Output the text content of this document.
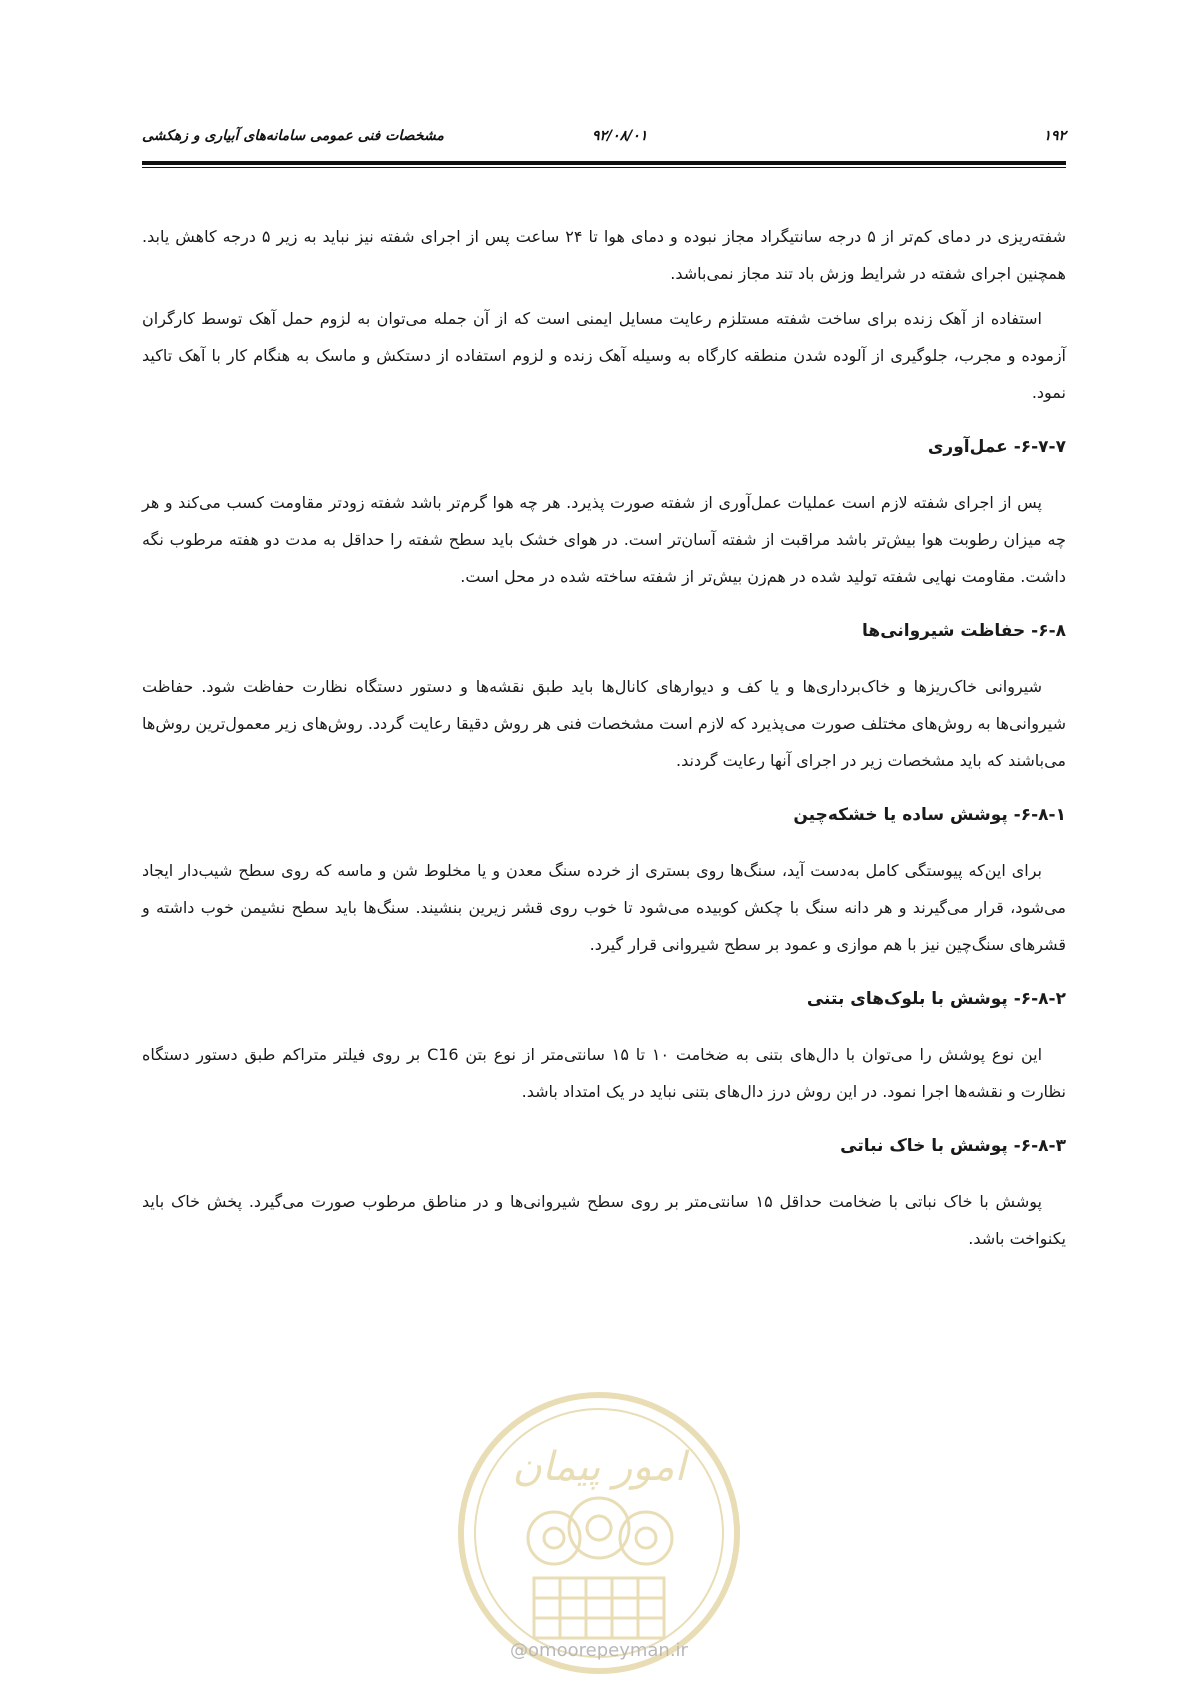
۱۹۲
۹۲/۰۸/۰۱
مشخصات فنی عمومی سامانه‌های آبیاری و زهکشی

شفته‌ریزی در دمای کم‌تر از ۵ درجه سانتیگراد مجاز نبوده و دمای هوا تا ۲۴ ساعت پس از اجرای شفته نیز نباید به زیر ۵ درجه کاهش یابد. همچنین اجرای شفته در شرایط وزش باد تند مجاز نمی‌باشد.

استفاده از آهک زنده برای ساخت شفته مستلزم رعایت مسایل ایمنی است که از آن جمله می‌توان به لزوم حمل آهک توسط کارگران آزموده و مجرب، جلوگیری از آلوده شدن منطقه کارگاه به وسیله آهک زنده و لزوم استفاده از دستکش و ماسک به هنگام کار با آهک تاکید نمود.

۶-۷-۷- عمل‌آوری

پس از اجرای شفته لازم است عملیات عمل‌آوری از شفته صورت پذیرد. هر چه هوا گرم‌تر باشد شفته زودتر مقاومت کسب می‌کند و هر چه میزان رطوبت هوا بیش‌تر باشد مراقبت از شفته آسان‌تر است. در هوای خشک باید سطح شفته را حداقل به مدت دو هفته مرطوب نگه داشت. مقاومت نهایی شفته تولید شده در هم‌زن بیش‌تر از شفته ساخته شده در محل است.

۶-۸- حفاظت شیروانی‌ها

شیروانی خاک‌ریزها و خاک‌برداری‌ها و یا کف و دیوارهای کانال‌ها باید طبق نقشه‌ها و دستور دستگاه نظارت حفاظت شود. حفاظت شیروانی‌ها به روش‌های مختلف صورت می‌پذیرد که لازم است مشخصات فنی هر روش دقیقا رعایت گردد. روش‌های زیر معمول‌ترین روش‌ها می‌باشند که باید مشخصات زیر در اجرای آنها رعایت گردند.

۶-۸-۱- پوشش ساده یا خشکه‌چین

برای این‌که پیوستگی کامل به‌دست آید، سنگ‌ها روی بستری از خرده سنگ معدن و یا مخلوط شن و ماسه که روی سطح شیب‌دار ایجاد می‌شود، قرار می‌گیرند و هر دانه سنگ با چکش کوبیده می‌شود تا خوب روی قشر زیرین بنشیند. سنگ‌ها باید سطح نشیمن خوب داشته و قشرهای سنگ‌چین نیز با هم موازی و عمود بر سطح شیروانی قرار گیرد.

۶-۸-۲- پوشش با بلوک‌های بتنی

این نوع پوشش را می‌توان با دال‌های بتنی به ضخامت ۱۰ تا ۱۵ سانتی‌متر از نوع بتن C16 بر روی فیلتر متراکم طبق دستور دستگاه نظارت و نقشه‌ها اجرا نمود. در این روش درز دال‌های بتنی نباید در یک امتداد باشد.

۶-۸-۳- پوشش با خاک نباتی

پوشش با خاک نباتی با ضخامت حداقل ۱۵ سانتی‌متر بر روی سطح شیروانی‌ها و در مناطق مرطوب صورت می‌گیرد. پخش خاک باید یکنواخت باشد.

امور پیمان
@omoorepeyman.ir
